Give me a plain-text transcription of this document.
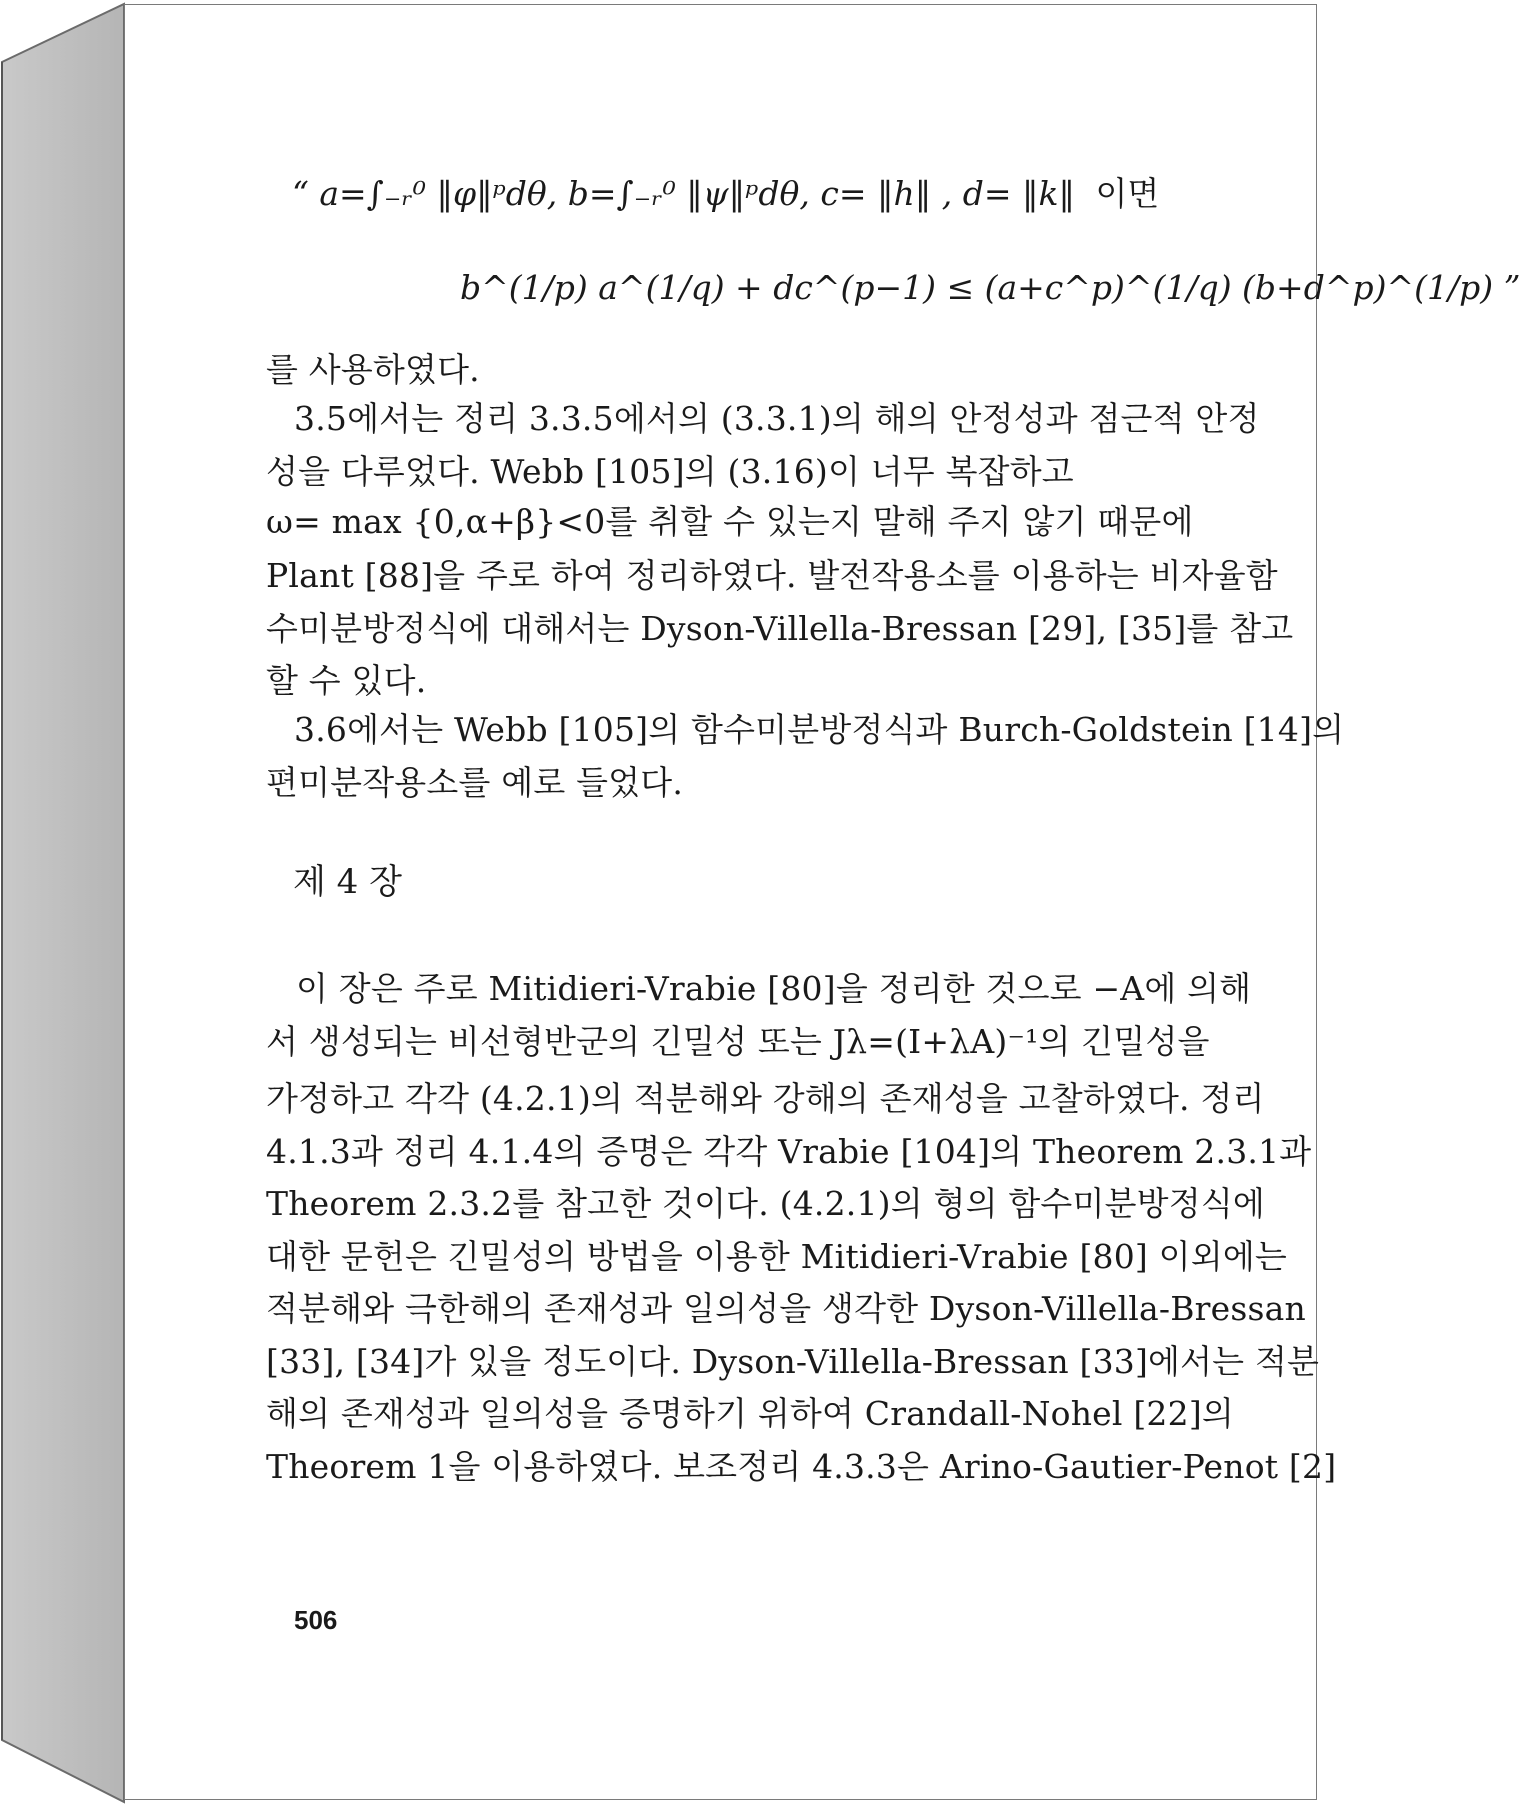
“ a=∫₋ᵣ⁰ ‖φ‖ᵖdθ, b=∫₋ᵣ⁰ ‖ψ‖ᵖdθ, c= ‖h‖ , d= ‖k‖ 이면
b^(1/p) a^(1/q) + dc^(p−1) ≤ (a+c^p)^(1/q) (b+d^p)^(1/p) ”
를 사용하였다.
3.5에서는 정리 3.3.5에서의 (3.3.1)의 해의 안정성과 점근적 안정
성을 다루었다. Webb [105]의 (3.16)이 너무 복잡하고
ω= max {0,α+β}<0를 취할 수 있는지 말해 주지 않기 때문에
Plant [88]을 주로 하여 정리하였다. 발전작용소를 이용하는 비자율함
수미분방정식에 대해서는 Dyson-Villella-Bressan [29], [35]를 참고
할 수 있다.
3.6에서는 Webb [105]의 함수미분방정식과 Burch-Goldstein [14]의
편미분작용소를 예로 들었다.
제 4 장
이 장은 주로 Mitidieri-Vrabie [80]을 정리한 것으로 −A에 의해
서 생성되는 비선형반군의 긴밀성 또는 Jλ=(I+λA)⁻¹의 긴밀성을
가정하고 각각 (4.2.1)의 적분해와 강해의 존재성을 고찰하였다. 정리
4.1.3과 정리 4.1.4의 증명은 각각 Vrabie [104]의 Theorem 2.3.1과
Theorem 2.3.2를 참고한 것이다. (4.2.1)의 형의 함수미분방정식에
대한 문헌은 긴밀성의 방법을 이용한 Mitidieri-Vrabie [80] 이외에는
적분해와 극한해의 존재성과 일의성을 생각한 Dyson-Villella-Bressan
[33], [34]가 있을 정도이다. Dyson-Villella-Bressan [33]에서는 적분
해의 존재성과 일의성을 증명하기 위하여 Crandall-Nohel [22]의
Theorem 1을 이용하였다. 보조정리 4.3.3은 Arino-Gautier-Penot [2]
506
